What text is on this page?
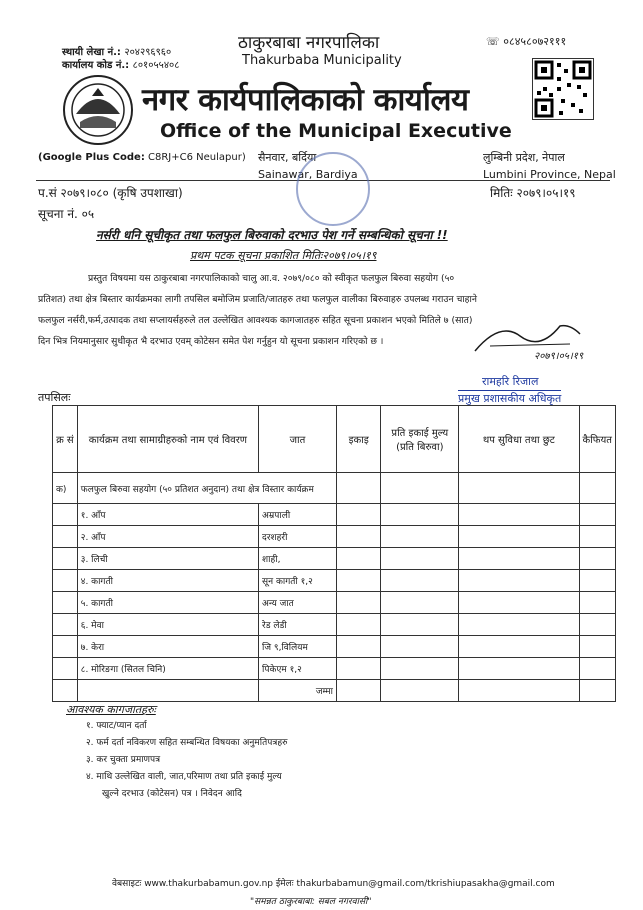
स्थायी लेखा नं.: २०४२९६९६०
कार्यालय कोड नं.: ८०१०५५४०८
ठाकुरबाबा नगरपालिका
Thakurbaba Municipality
☏ ०८४५८०७२१११
नगर कार्यपालिकाको कार्यालय
Office of the Municipal Executive
(Google Plus Code: C8RJ+C6 Neulapur) सैनवार, बर्दिया
Sainawar, Bardiya
लुम्बिनी प्रदेश, नेपाल
Lumbini Province, Nepal
प.सं २०७९।०८० (कृषि उपशाखा)
सूचना नं. ०५
मितिः २०७९।०५।१९
नर्सरी धनि सूचीकृत तथा फलफुल बिरुवाको दरभाउ पेश गर्ने सम्बन्धिको सूचना !!
प्रथम पटक सूचना प्रकाशित मितिः२०७९।०५।१९
प्रस्तुत विषयमा यस ठाकुरबाबा नगरपालिकाको चालु आ.व. २०७९/०८० को स्वीकृत फलफुल बिरुवा सहयोग (५०
प्रतिशत) तथा क्षेत्र बिस्तार कार्यक्रमका लागी तपसिल बमोजिम प्रजाति/जातहरु तथा फलफुल वालीका बिरुवाहरु उपलब्ध गराउन चाहाने
फलफुल नर्सरी,फर्म,उत्पादक तथा सप्लायर्सहरुले तल उल्लेखित आवश्यक कागजातहरु सहित सूचना प्रकाशन भएको मितिले ७ (सात)
दिन भित्र नियमानुसार सुधीकृत भै दरभाउ एवम् कोटेसन समेत पेश गर्नुहुन यो सूचना प्रकाशन गरिएको छ ।
२०७९।०५।१९
रामहरि रिजाल
प्रमुख प्रशासकीय अधिकृत
तपसिलः
क्र सं	कार्यक्रम तथा सामाग्रीहरुको नाम एवं विवरण	जात	इकाइ	प्रति इकाई मुल्य (प्रति बिरुवा)	थप सुविधा तथा छुट	कैफियत
क)	फलफुल बिरुवा सहयोग (५० प्रतिशत अनुदान) तथा क्षेत्र विस्तार कार्यक्रम					
	१. आँप	अम्रपाली				
	२. आँप	दरशहरी				
	३. लिची	शाही,				
	४. कागती	सून कागती १,२				
	५. कागती	अन्य जात				
	६. मेवा	रेड लेडी				
	७. केरा	जि ९,विलियम				
	८. मोरिङगा (सितल चिनि)	पिकेएम १,२				
		जम्मा				
आवश्यक कागजातहरुः
१. फ्याट/प्यान दर्ता
२. फर्म दर्ता नविकरण सहित सम्बन्धित विषयका अनुमतिपत्रहरु
३. कर चुक्ता प्रमाणपत्र
४. माथि उल्लेखित वाली, जात,परिमाण तथा प्रति इकाई मुल्य
खुल्ने दरभाउ (कोटेसन) पत्र । निवेदन आदि
वेबसाइटः www.thakurbabamun.gov.np ईमेलः thakurbabamun@gmail.com/tkrishiupasakha@gmail.com
"समन्नत ठाकुरबाबा: सबल नगरवासी"
